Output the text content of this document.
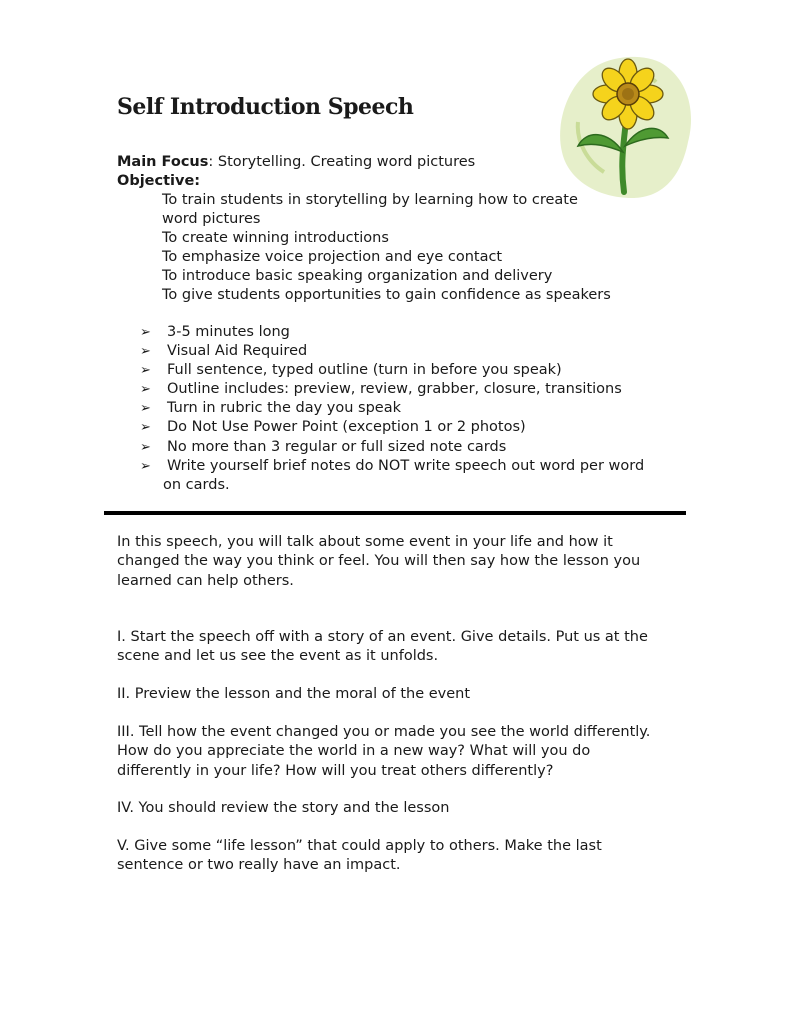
Self Introduction Speech

Main Focus: Storytelling. Creating word pictures

Objective:

To train students in storytelling by learning how to create

word pictures

To create winning introductions

To emphasize voice projection and eye contact

To introduce basic speaking organization and delivery

To give students opportunities to gain confidence as speakers

➢ 3-5 minutes long
➢ Visual Aid Required
➢ Full sentence, typed outline (turn in before you speak)
➢ Outline includes: preview, review, grabber, closure, transitions
➢ Turn in rubric the day you speak
➢ Do Not Use Power Point (exception 1 or 2 photos)
➢ No more than 3 regular or full sized note cards
➢ Write yourself brief notes do NOT write speech out word per word
on cards.
In this speech, you will talk about some event in your life and how it
changed the way you think or feel. You will then say how the lesson you
learned can help others.
I. Start the speech off with a story of an event. Give details. Put us at the
scene and let us see the event as it unfolds.
II. Preview the lesson and the moral of the event
III. Tell how the event changed you or made you see the world differently.
How do you appreciate the world in a new way? What will you do
differently in your life? How will you treat others differently?
IV. You should review the story and the lesson
V. Give some “life lesson” that could apply to others. Make the last
sentence or two really have an impact.
